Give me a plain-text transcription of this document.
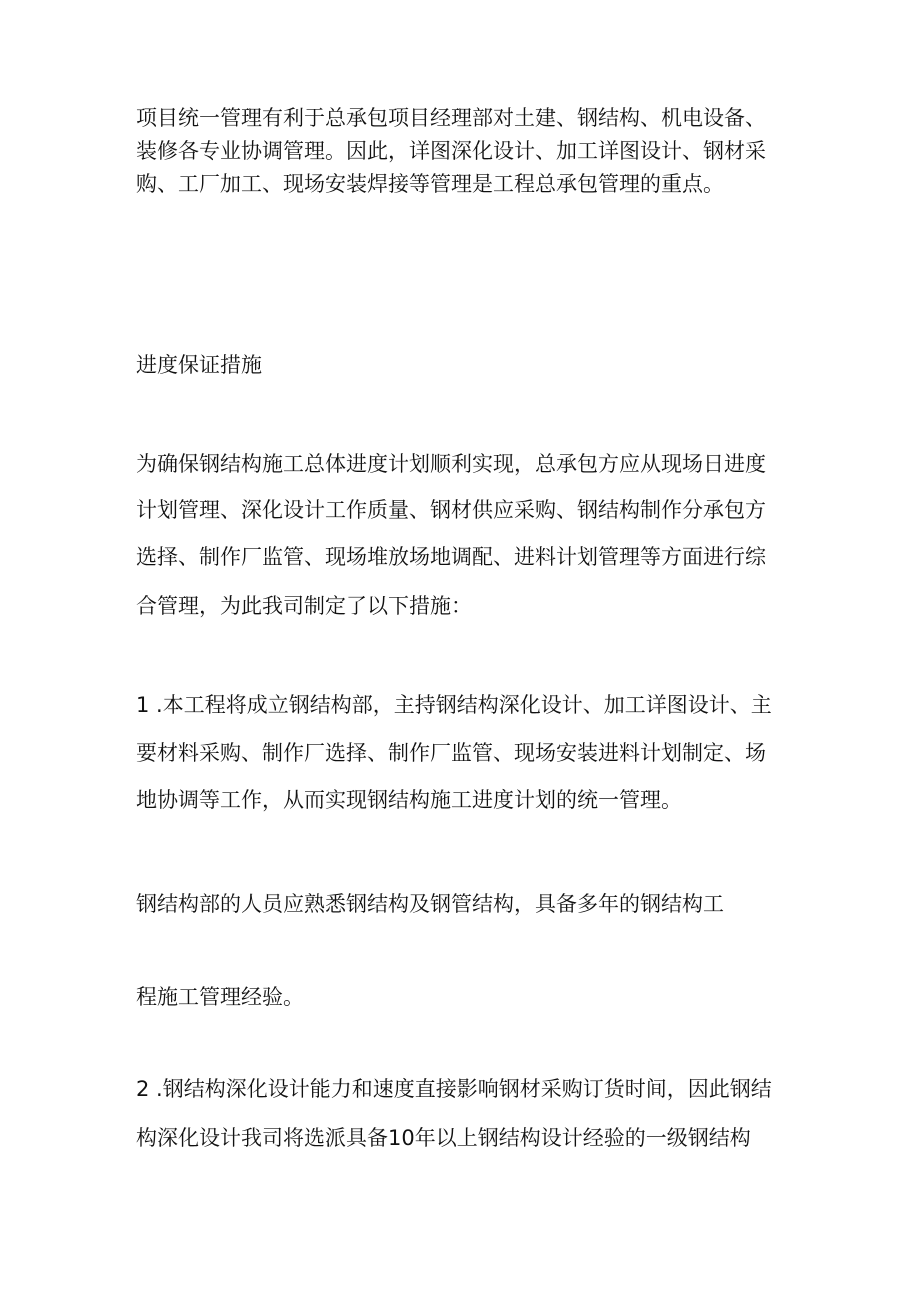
项目统一管理有利于总承包项目经理部对土建、钢结构、机电设备、
装修各专业协调管理。因此，详图深化设计、加工详图设计、钢材采
购、工厂加工、现场安装焊接等管理是工程总承包管理的重点。
进度保证措施
为确保钢结构施工总体进度计划顺利实现，总承包方应从现场日进度
计划管理、深化设计工作质量、钢材供应采购、钢结构制作分承包方
选择、制作厂监管、现场堆放场地调配、进料计划管理等方面进行综
合管理，为此我司制定了以下措施：
1 .本工程将成立钢结构部，主持钢结构深化设计、加工详图设计、主
要材料采购、制作厂选择、制作厂监管、现场安装进料计划制定、场
地协调等工作，从而实现钢结构施工进度计划的统一管理。
钢结构部的人员应熟悉钢结构及钢管结构，具备多年的钢结构工
程施工管理经验。
2 .钢结构深化设计能力和速度直接影响钢材采购订货时间，因此钢结
构深化设计我司将选派具备10年以上钢结构设计经验的一级钢结构
